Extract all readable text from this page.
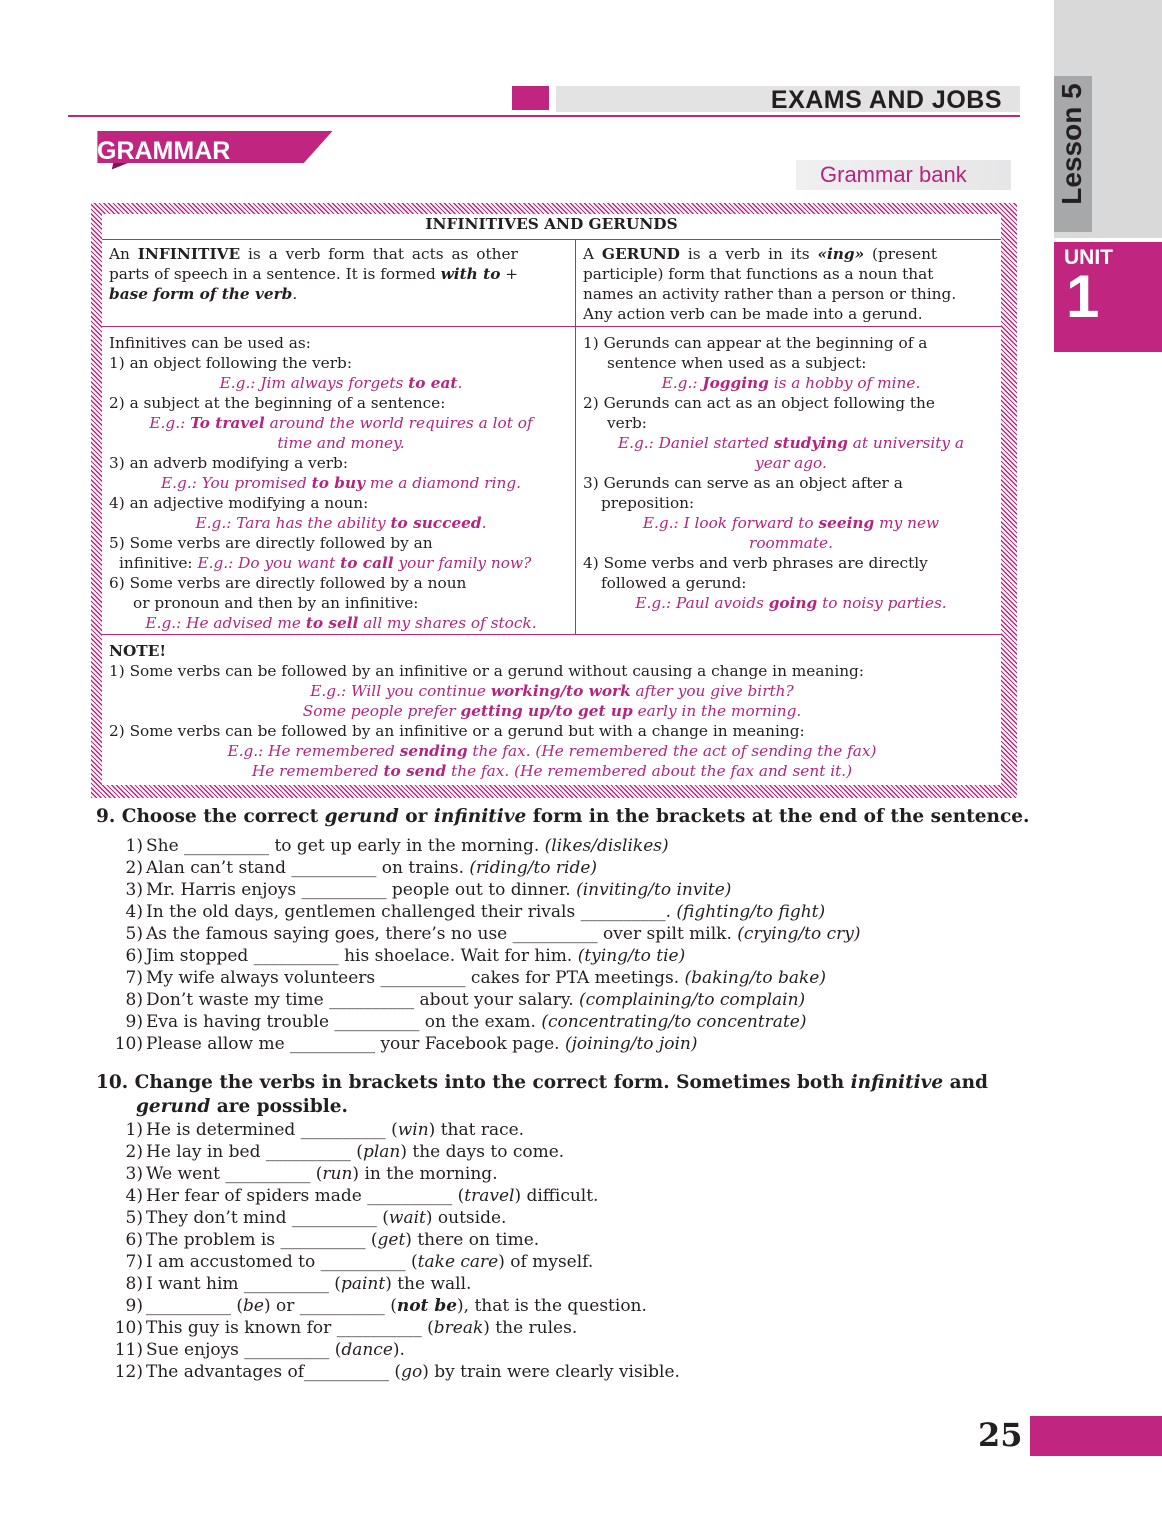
EXAMS AND JOBS Lesson 5
UNIT
1
GRAMMAR
Grammar bank
INFINITIVES AND GERUNDS
An INFINITIVE is a verb form that acts as other
parts of speech in a sentence. It is formed with to +
base form of the verb.
A GERUND is a verb in its «ing» (present
participle) form that functions as a noun that
names an activity rather than a person or thing.
Any action verb can be made into a gerund.
Infinitives can be used as:
1) an object following the verb:
E.g.: Jim always forgets to eat.
2) a subject at the beginning of a sentence:
E.g.: To travel around the world requires a lot of
time and money.
3) an adverb modifying a verb:
E.g.: You promised to buy me a diamond ring.
4) an adjective modifying a noun:
E.g.: Tara has the ability to succeed.
5) Some verbs are directly followed by an
infinitive: E.g.: Do you want to call your family now?
6) Some verbs are directly followed by a noun
or pronoun and then by an infinitive:
E.g.: He advised me to sell all my shares of stock.
1) Gerunds can appear at the beginning of a
sentence when used as a subject:
E.g.: Jogging is a hobby of mine.
2) Gerunds can act as an object following the
verb:
E.g.: Daniel started studying at university a
year ago.
3) Gerunds can serve as an object after a
preposition:
E.g.: I look forward to seeing my new
roommate.
4) Some verbs and verb phrases are directly
followed a gerund:
E.g.: Paul avoids going to noisy parties.
NOTE!
1) Some verbs can be followed by an infinitive or a gerund without causing a change in meaning:
E.g.: Will you continue working/to work after you give birth?
Some people prefer getting up/to get up early in the morning.
2) Some verbs can be followed by an infinitive or a gerund but with a change in meaning:
E.g.: He remembered sending the fax. (He remembered the act of sending the fax)
He remembered to send the fax. (He remembered about the fax and sent it.)
9. Choose the correct gerund or infinitive form in the brackets at the end of the sentence.
1) She __________ to get up early in the morning. (likes/dislikes)
2) Alan can’t stand __________ on trains. (riding/to ride)
3) Mr. Harris enjoys __________ people out to dinner. (inviting/to invite)
4) In the old days, gentlemen challenged their rivals __________. (fighting/to fight)
5) As the famous saying goes, there’s no use __________ over spilt milk. (crying/to cry)
6) Jim stopped __________ his shoelace. Wait for him. (tying/to tie)
7) My wife always volunteers __________ cakes for PTA meetings. (baking/to bake)
8) Don’t waste my time __________ about your salary. (complaining/to complain)
9) Eva is having trouble __________ on the exam. (concentrating/to concentrate)
10) Please allow me __________ your Facebook page. (joining/to join)
10. Change the verbs in brackets into the correct form. Sometimes both infinitive and
gerund are possible.
1) He is determined __________ (win) that race.
2) He lay in bed __________ (plan) the days to come.
3) We went __________ (run) in the morning.
4) Her fear of spiders made __________ (travel) difficult.
5) They don’t mind __________ (wait) outside.
6) The problem is __________ (get) there on time.
7) I am accustomed to __________ (take care) of myself.
8) I want him __________ (paint) the wall.
9) __________ (be) or __________ (not be), that is the question.
10) This guy is known for __________ (break) the rules.
11) Sue enjoys __________ (dance).
12) The advantages of__________ (go) by train were clearly visible.
25
